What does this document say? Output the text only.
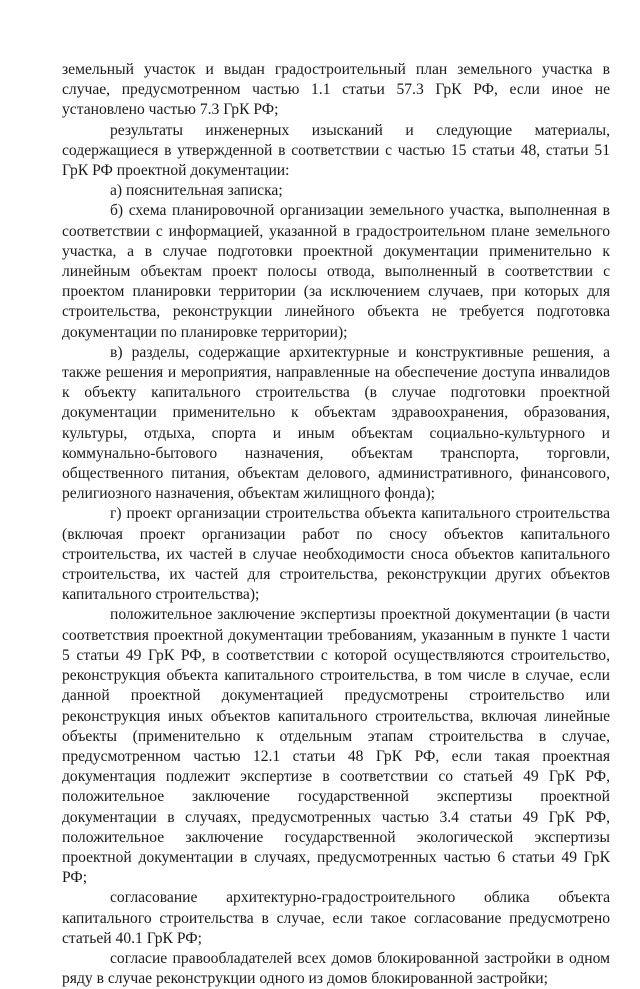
земельный участок и выдан градостроительный план земельного участка в случае, предусмотренном частью 1.1 статьи 57.3 ГрК РФ, если иное не установлено частью 7.3 ГрК РФ;

результаты инженерных изысканий и следующие материалы, содержащиеся в утвержденной в соответствии с частью 15 статьи 48, статьи 51 ГрК РФ проектной документации:

а) пояснительная записка;

б) схема планировочной организации земельного участка, выполненная в соответствии с информацией, указанной в градостроительном плане земельного участка, а в случае подготовки проектной документации применительно к линейным объектам проект полосы отвода, выполненный в соответствии с проектом планировки территории (за исключением случаев, при которых для строительства, реконструкции линейного объекта не требуется подготовка документации по планировке территории);

в) разделы, содержащие архитектурные и конструктивные решения, а также решения и мероприятия, направленные на обеспечение доступа инвалидов к объекту капитального строительства (в случае подготовки проектной документации применительно к объектам здравоохранения, образования, культуры, отдыха, спорта и иным объектам социально-культурного и коммунально-бытового назначения, объектам транспорта, торговли, общественного питания, объектам делового, административного, финансового, религиозного назначения, объектам жилищного фонда);

г) проект организации строительства объекта капитального строительства (включая проект организации работ по сносу объектов капитального строительства, их частей в случае необходимости сноса объектов капитального строительства, их частей для строительства, реконструкции других объектов капитального строительства);

положительное заключение экспертизы проектной документации (в части соответствия проектной документации требованиям, указанным в пункте 1 части 5 статьи 49 ГрК РФ, в соответствии с которой осуществляются строительство, реконструкция объекта капитального строительства, в том числе в случае, если данной проектной документацией предусмотрены строительство или реконструкция иных объектов капитального строительства, включая линейные объекты (применительно к отдельным этапам строительства в случае, предусмотренном частью 12.1 статьи 48 ГрК РФ, если такая проектная документация подлежит экспертизе в соответствии со статьей 49 ГрК РФ, положительное заключение государственной экспертизы проектной документации в случаях, предусмотренных частью 3.4 статьи 49 ГрК РФ, положительное заключение государственной экологической экспертизы проектной документации в случаях, предусмотренных частью 6 статьи 49 ГрК РФ;

согласование архитектурно-градостроительного облика объекта капитального строительства в случае, если такое согласование предусмотрено статьей 40.1 ГрК РФ;

согласие правообладателей всех домов блокированной застройки в одном ряду в случае реконструкции одного из домов блокированной застройки;
